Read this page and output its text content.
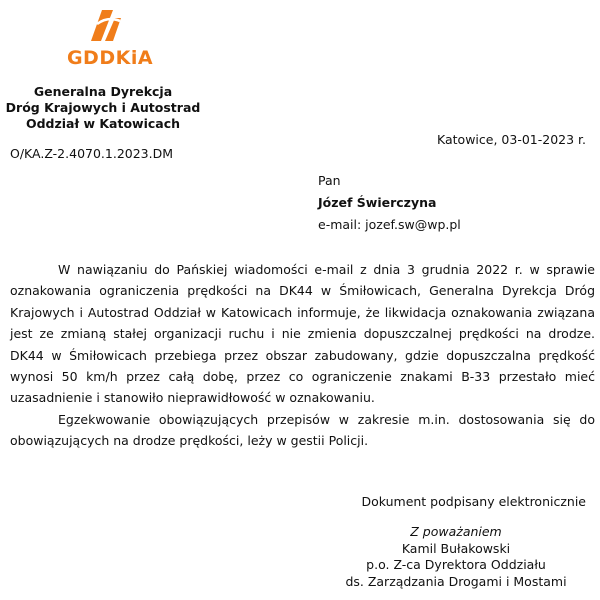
GDDKiA
Generalna Dyrekcja
Dróg Krajowych i Autostrad
Oddział w Katowicach
Katowice, 03-01-2023 r.
O/KA.Z-2.4070.1.2023.DM
Pan
Józef Świerczyna
e-mail: jozef.sw@wp.pl

W nawiązaniu do Pańskiej wiadomości e-mail z dnia 3 grudnia 2022 r. w sprawie oznakowania ograniczenia prędkości na DK44 w Śmiłowicach, Generalna Dyrekcja Dróg Krajowych i Autostrad Oddział w Katowicach informuje, że likwidacja oznakowania związana jest ze zmianą stałej organizacji ruchu i nie zmienia dopuszczalnej prędkości na drodze. DK44 w Śmiłowicach przebiega przez obszar zabudowany, gdzie dopuszczalna prędkość wynosi 50 km/h przez całą dobę, przez co ograniczenie znakami B-33 przestało mieć uzasadnienie i stanowiło nieprawidłowość w oznakowaniu.

Egzekwowanie obowiązujących przepisów w zakresie m.in. dostosowania się do obowiązujących na drodze prędkości, leży w gestii Policji.

Dokument podpisany elektronicznie
Z poważaniem
Kamil Bułakowski
p.o. Z-ca Dyrektora Oddziału
ds. Zarządzania Drogami i Mostami
